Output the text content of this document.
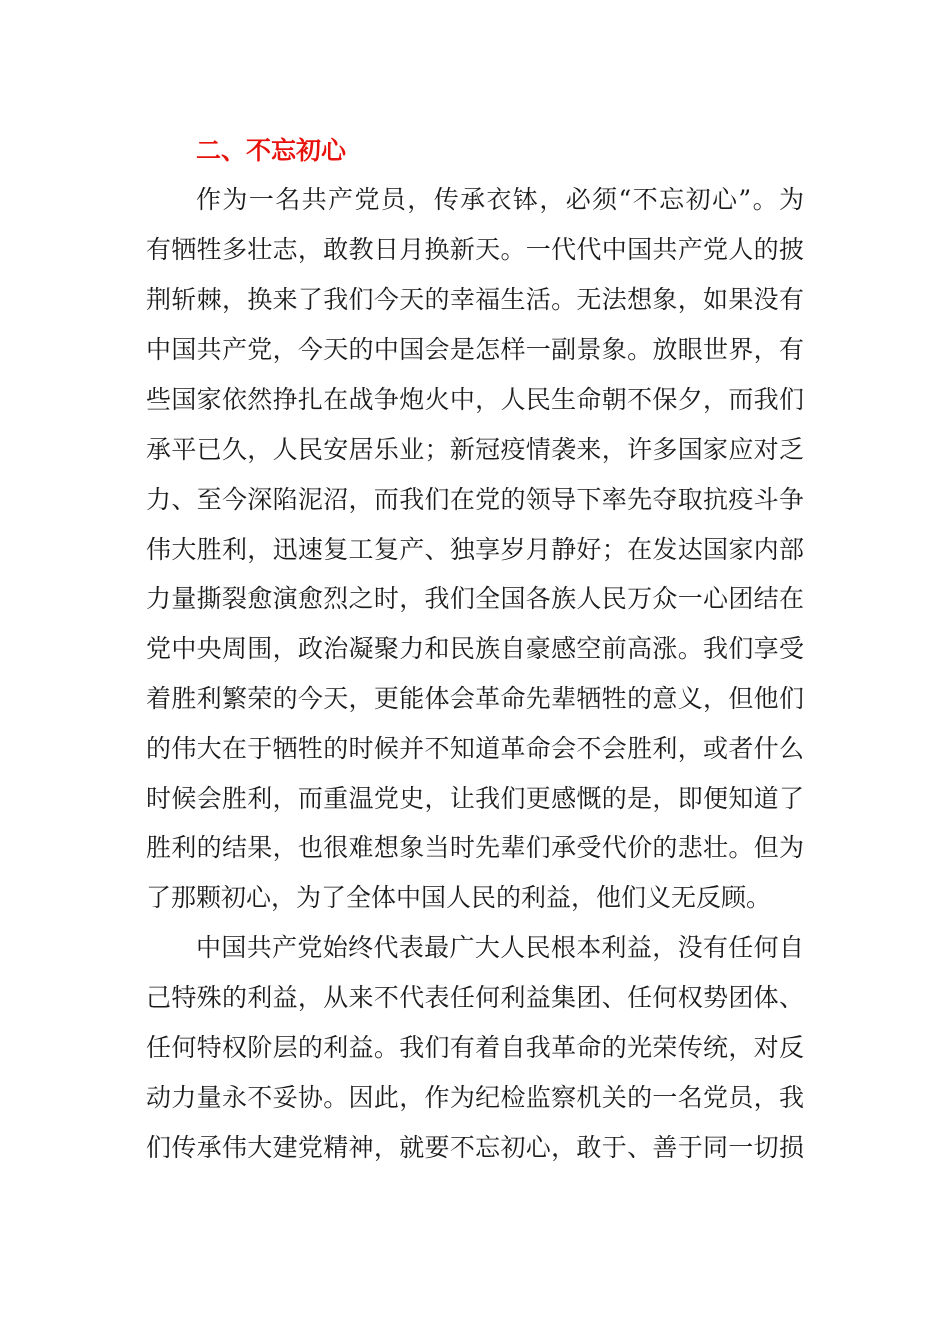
二、不忘初心
作为一名共产党员，传承衣钵，必须“不忘初心”。为
有牺牲多壮志，敢教日月换新天。一代代中国共产党人的披
荆斩棘，换来了我们今天的幸福生活。无法想象，如果没有
中国共产党，今天的中国会是怎样一副景象。放眼世界，有
些国家依然挣扎在战争炮火中，人民生命朝不保夕，而我们
承平已久，人民安居乐业；新冠疫情袭来，许多国家应对乏
力、至今深陷泥沼，而我们在党的领导下率先夺取抗疫斗争
伟大胜利，迅速复工复产、独享岁月静好；在发达国家内部
力量撕裂愈演愈烈之时，我们全国各族人民万众一心团结在
党中央周围，政治凝聚力和民族自豪感空前高涨。我们享受
着胜利繁荣的今天，更能体会革命先辈牺牲的意义，但他们
的伟大在于牺牲的时候并不知道革命会不会胜利，或者什么
时候会胜利，而重温党史，让我们更感慨的是，即便知道了
胜利的结果，也很难想象当时先辈们承受代价的悲壮。但为
了那颗初心，为了全体中国人民的利益，他们义无反顾。
中国共产党始终代表最广大人民根本利益，没有任何自
己特殊的利益，从来不代表任何利益集团、任何权势团体、
任何特权阶层的利益。我们有着自我革命的光荣传统，对反
动力量永不妥协。因此，作为纪检监察机关的一名党员，我
们传承伟大建党精神，就要不忘初心，敢于、善于同一切损
